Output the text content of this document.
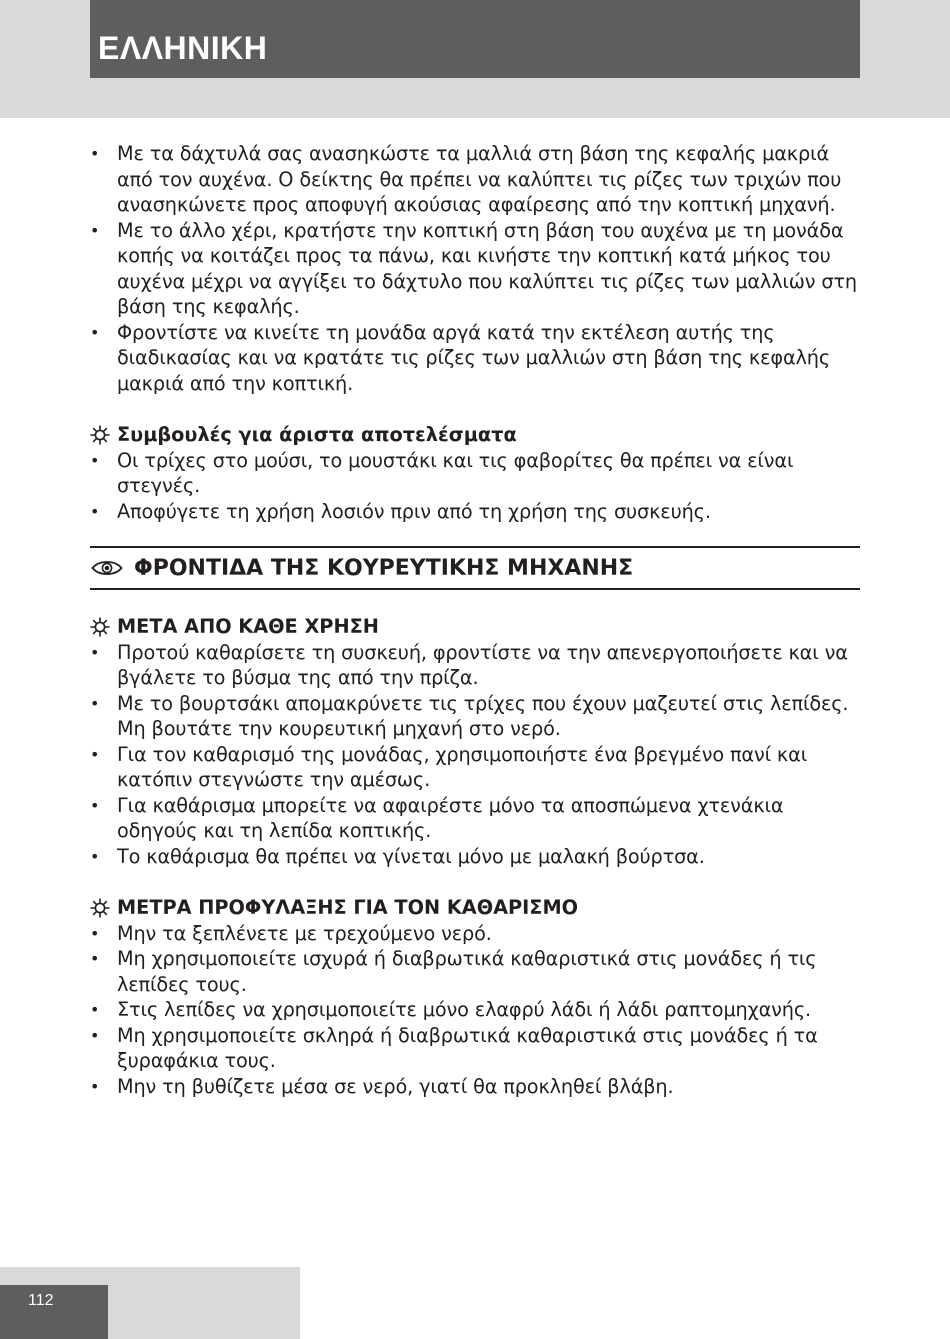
ΕΛΛΗΝΙΚΗ
• Με τα δάχτυλά σας ανασηκώστε τα μαλλιά στη βάση της κεφαλής μακριά από τον αυχένα. Ο δείκτης θα πρέπει να καλύπτει τις ρίζες των τριχών που ανασηκώνετε προς αποφυγή ακούσιας αφαίρεσης από την κοπτική μηχανή.
• Με το άλλο χέρι, κρατήστε την κοπτική στη βάση του αυχένα με τη μονάδα κοπής να κοιτάζει προς τα πάνω, και κινήστε την κοπτική κατά μήκος του αυχένα μέχρι να αγγίξει το δάχτυλο που καλύπτει τις ρίζες των μαλλιών στη βάση της κεφαλής.
• Φροντίστε να κινείτε τη μονάδα αργά κατά την εκτέλεση αυτής της διαδικασίας και να κρατάτε τις ρίζες των μαλλιών στη βάση της κεφαλής μακριά από την κοπτική.
Συμβουλές για άριστα αποτελέσματα
• Οι τρίχες στο μούσι, το μουστάκι και τις φαβορίτες θα πρέπει να είναι στεγνές.
• Αποφύγετε τη χρήση λοσιόν πριν από τη χρήση της συσκευής.
ΦΡΟΝΤΙΔΑ ΤΗΣ ΚΟΥΡΕΥΤΙΚΗΣ ΜΗΧΑΝΗΣ
ΜΕΤΑ ΑΠΟ ΚΑΘΕ ΧΡΗΣΗ
• Προτού καθαρίσετε τη συσκευή, φροντίστε να την απενεργοποιήσετε και να βγάλετε το βύσμα της από την πρίζα.
• Με το βουρτσάκι απομακρύνετε τις τρίχες που έχουν μαζευτεί στις λεπίδες. Μη βουτάτε την κουρευτική μηχανή στο νερό.
• Για τον καθαρισμό της μονάδας, χρησιμοποιήστε ένα βρεγμένο πανί και κατόπιν στεγνώστε την αμέσως.
• Για καθάρισμα μπορείτε να αφαιρέστε μόνο τα αποσπώμενα χτενάκια οδηγούς και τη λεπίδα κοπτικής.
• Το καθάρισμα θα πρέπει να γίνεται μόνο με μαλακή βούρτσα.
ΜΕΤΡΑ ΠΡΟΦΥΛΑΞΗΣ ΓΙΑ ΤΟΝ ΚΑΘΑΡΙΣΜΟ
• Μην τα ξεπλένετε με τρεχούμενο νερό.
• Μη χρησιμοποιείτε ισχυρά ή διαβρωτικά καθαριστικά στις μονάδες ή τις λεπίδες τους.
• Στις λεπίδες να χρησιμοποιείτε μόνο ελαφρύ λάδι ή λάδι ραπτομηχανής.
• Μη χρησιμοποιείτε σκληρά ή διαβρωτικά καθαριστικά στις μονάδες ή τα ξυραφάκια τους.
• Μην τη βυθίζετε μέσα σε νερό, γιατί θα προκληθεί βλάβη.
112
